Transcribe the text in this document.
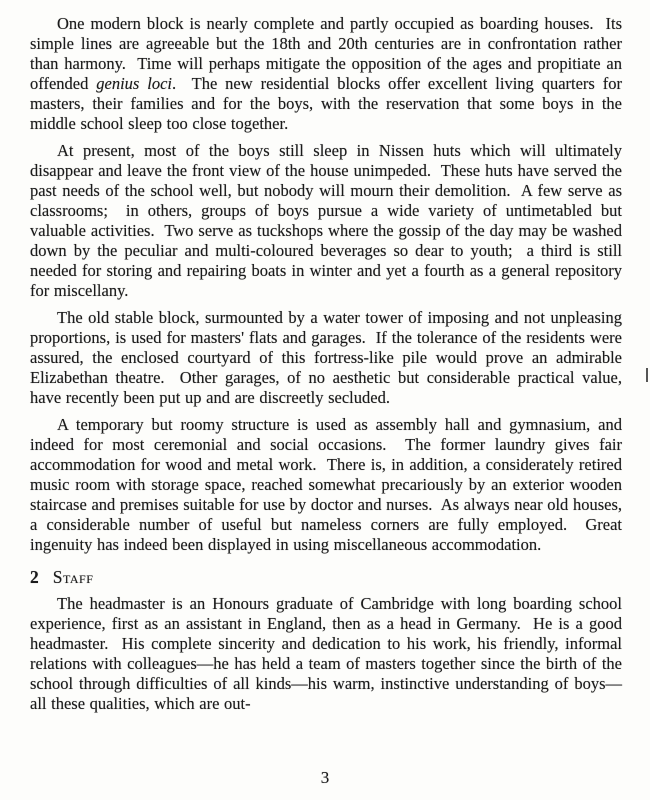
One modern block is nearly complete and partly occupied as boarding houses.  Its simple lines are agreeable but the 18th and 20th centuries are in confrontation rather than harmony.  Time will perhaps mitigate the opposition of the ages and propitiate an offended genius loci.  The new residential blocks offer excellent living quarters for masters, their families and for the boys, with the reservation that some boys in the middle school sleep too close together.

At present, most of the boys still sleep in Nissen huts which will ultimately disappear and leave the front view of the house unimpeded.  These huts have served the past needs of the school well, but nobody will mourn their demolition.  A few serve as classrooms;  in others, groups of boys pursue a wide variety of untimetabled but valuable activities.  Two serve as tuckshops where the gossip of the day may be washed down by the peculiar and multi-coloured beverages so dear to youth;  a third is still needed for storing and repairing boats in winter and yet a fourth as a general repository for miscellany.

The old stable block, surmounted by a water tower of imposing and not unpleasing proportions, is used for masters' flats and garages.  If the tolerance of the residents were assured, the enclosed courtyard of this fortress-like pile would prove an admirable Elizabethan theatre.  Other garages, of no aesthetic but considerable practical value, have recently been put up and are discreetly secluded.

A temporary but roomy structure is used as assembly hall and gymnasium, and indeed for most ceremonial and social occasions.  The former laundry gives fair accommodation for wood and metal work.  There is, in addition, a considerately retired music room with storage space, reached somewhat precariously by an exterior wooden staircase and premises suitable for use by doctor and nurses.  As always near old houses, a considerable number of useful but nameless corners are fully employed.  Great ingenuity has indeed been displayed in using miscellaneous accommodation.

2 Staff

The headmaster is an Honours graduate of Cambridge with long boarding school experience, first as an assistant in England, then as a head in Germany.  He is a good headmaster.  His complete sincerity and dedication to his work, his friendly, informal relations with colleagues—he has held a team of masters together since the birth of the school through difficulties of all kinds—his warm, instinctive understanding of boys—all these qualities, which are out-

3
